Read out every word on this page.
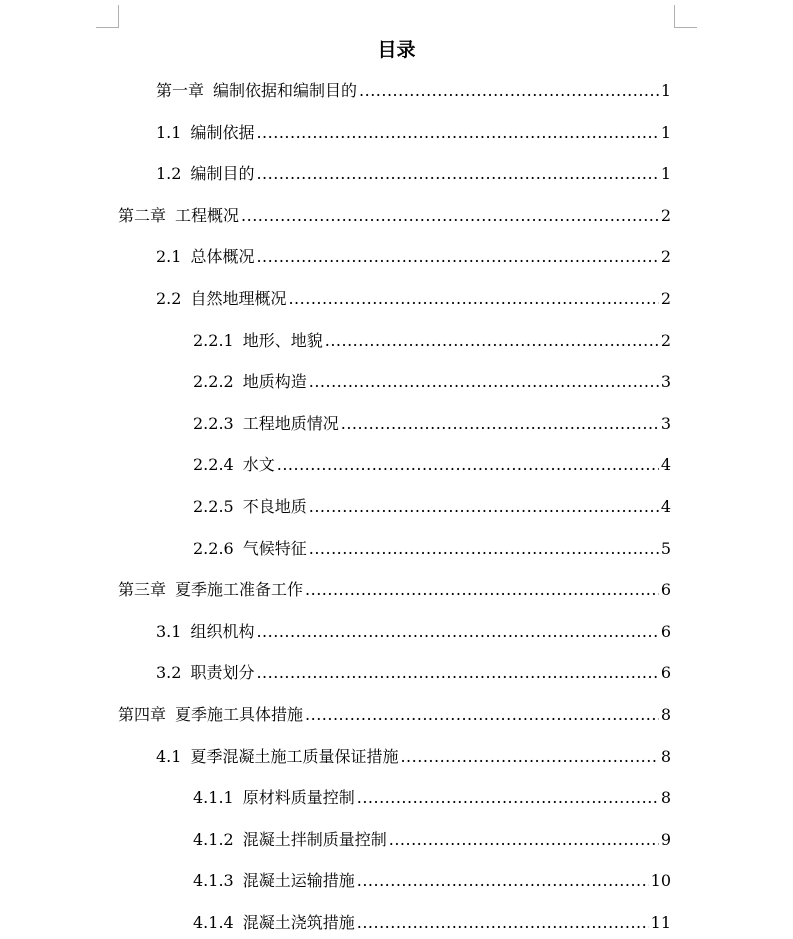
目录
第一章 编制依据和编制目的 .....	1
1.1 编制依据 .....	1
1.2 编制目的 .....	1
第二章 工程概况 .....	2
2.1 总体概况 .....	2
2.2 自然地理概况 .....	2
2.2.1 地形、地貌 .....	2
2.2.2 地质构造 .....	3
2.2.3 工程地质情况 .....	3
2.2.4 水文 .....	4
2.2.5 不良地质 .....	4
2.2.6 气候特征 .....	5
第三章 夏季施工准备工作 .....	6
3.1 组织机构 .....	6
3.2 职责划分 .....	6
第四章 夏季施工具体措施 .....	8
4.1 夏季混凝土施工质量保证措施 .....	8
4.1.1 原材料质量控制 .....	8
4.1.2 混凝土拌制质量控制 .....	9
4.1.3 混凝土运输措施 .....	10
4.1.4 混凝土浇筑措施 .....	11
